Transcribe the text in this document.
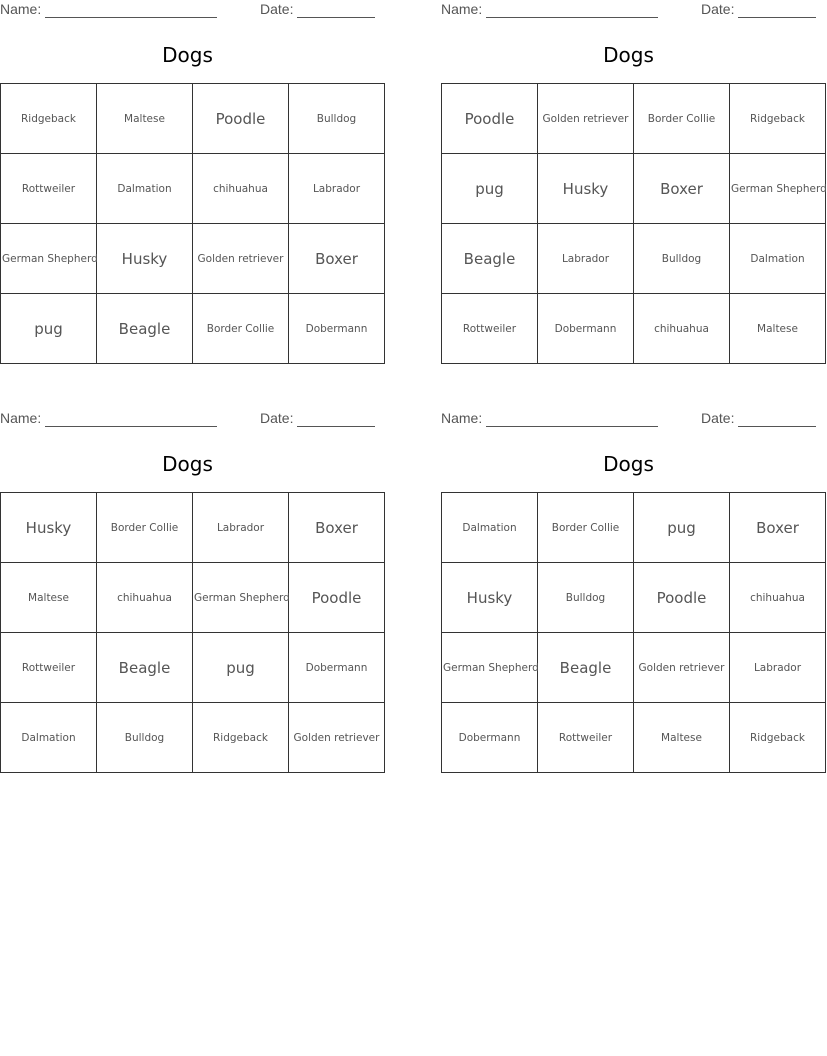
Name:	Date:
Dogs
Ridgeback	Maltese	Poodle	Bulldog
Rottweiler	Dalmation	chihuahua	Labrador
German Shepherd	Husky	Golden retriever	Boxer
pug	Beagle	Border Collie	Dobermann
Name:	Date:
Dogs
Poodle	Golden retriever	Border Collie	Ridgeback
pug	Husky	Boxer	German Shepherd
Beagle	Labrador	Bulldog	Dalmation
Rottweiler	Dobermann	chihuahua	Maltese
Name:	Date:
Dogs
Husky	Border Collie	Labrador	Boxer
Maltese	chihuahua	German Shepherd	Poodle
Rottweiler	Beagle	pug	Dobermann
Dalmation	Bulldog	Ridgeback	Golden retriever
Name:	Date:
Dogs
Dalmation	Border Collie	pug	Boxer
Husky	Bulldog	Poodle	chihuahua
German Shepherd	Beagle	Golden retriever	Labrador
Dobermann	Rottweiler	Maltese	Ridgeback
